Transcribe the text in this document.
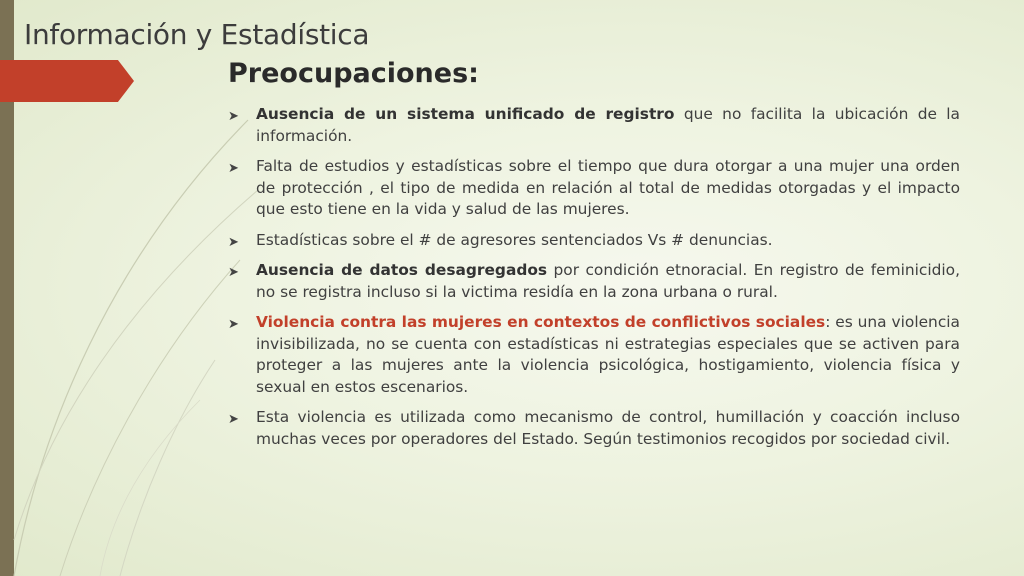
Información y Estadística
Preocupaciones:
➤ Ausencia de un sistema unificado de registro que no facilita la ubicación de la información.
➤ Falta de estudios y estadísticas sobre el tiempo que dura otorgar a una mujer una orden de protección , el tipo de medida en relación al total de medidas otorgadas y el impacto que esto tiene en la vida y salud de las mujeres.
➤ Estadísticas sobre el # de agresores sentenciados Vs # denuncias.
➤ Ausencia de datos desagregados por condición etnoracial. En registro de feminicidio, no se registra incluso si la victima residía en la zona urbana o rural.
➤ Violencia contra las mujeres en contextos de conflictivos sociales: es una violencia invisibilizada, no se cuenta con estadísticas ni estrategias especiales que se activen para proteger a las mujeres ante la violencia psicológica, hostigamiento, violencia física y sexual en estos escenarios.
➤ Esta violencia es utilizada como mecanismo de control, humillación y coacción incluso muchas veces por operadores del Estado. Según testimonios recogidos por sociedad civil.
